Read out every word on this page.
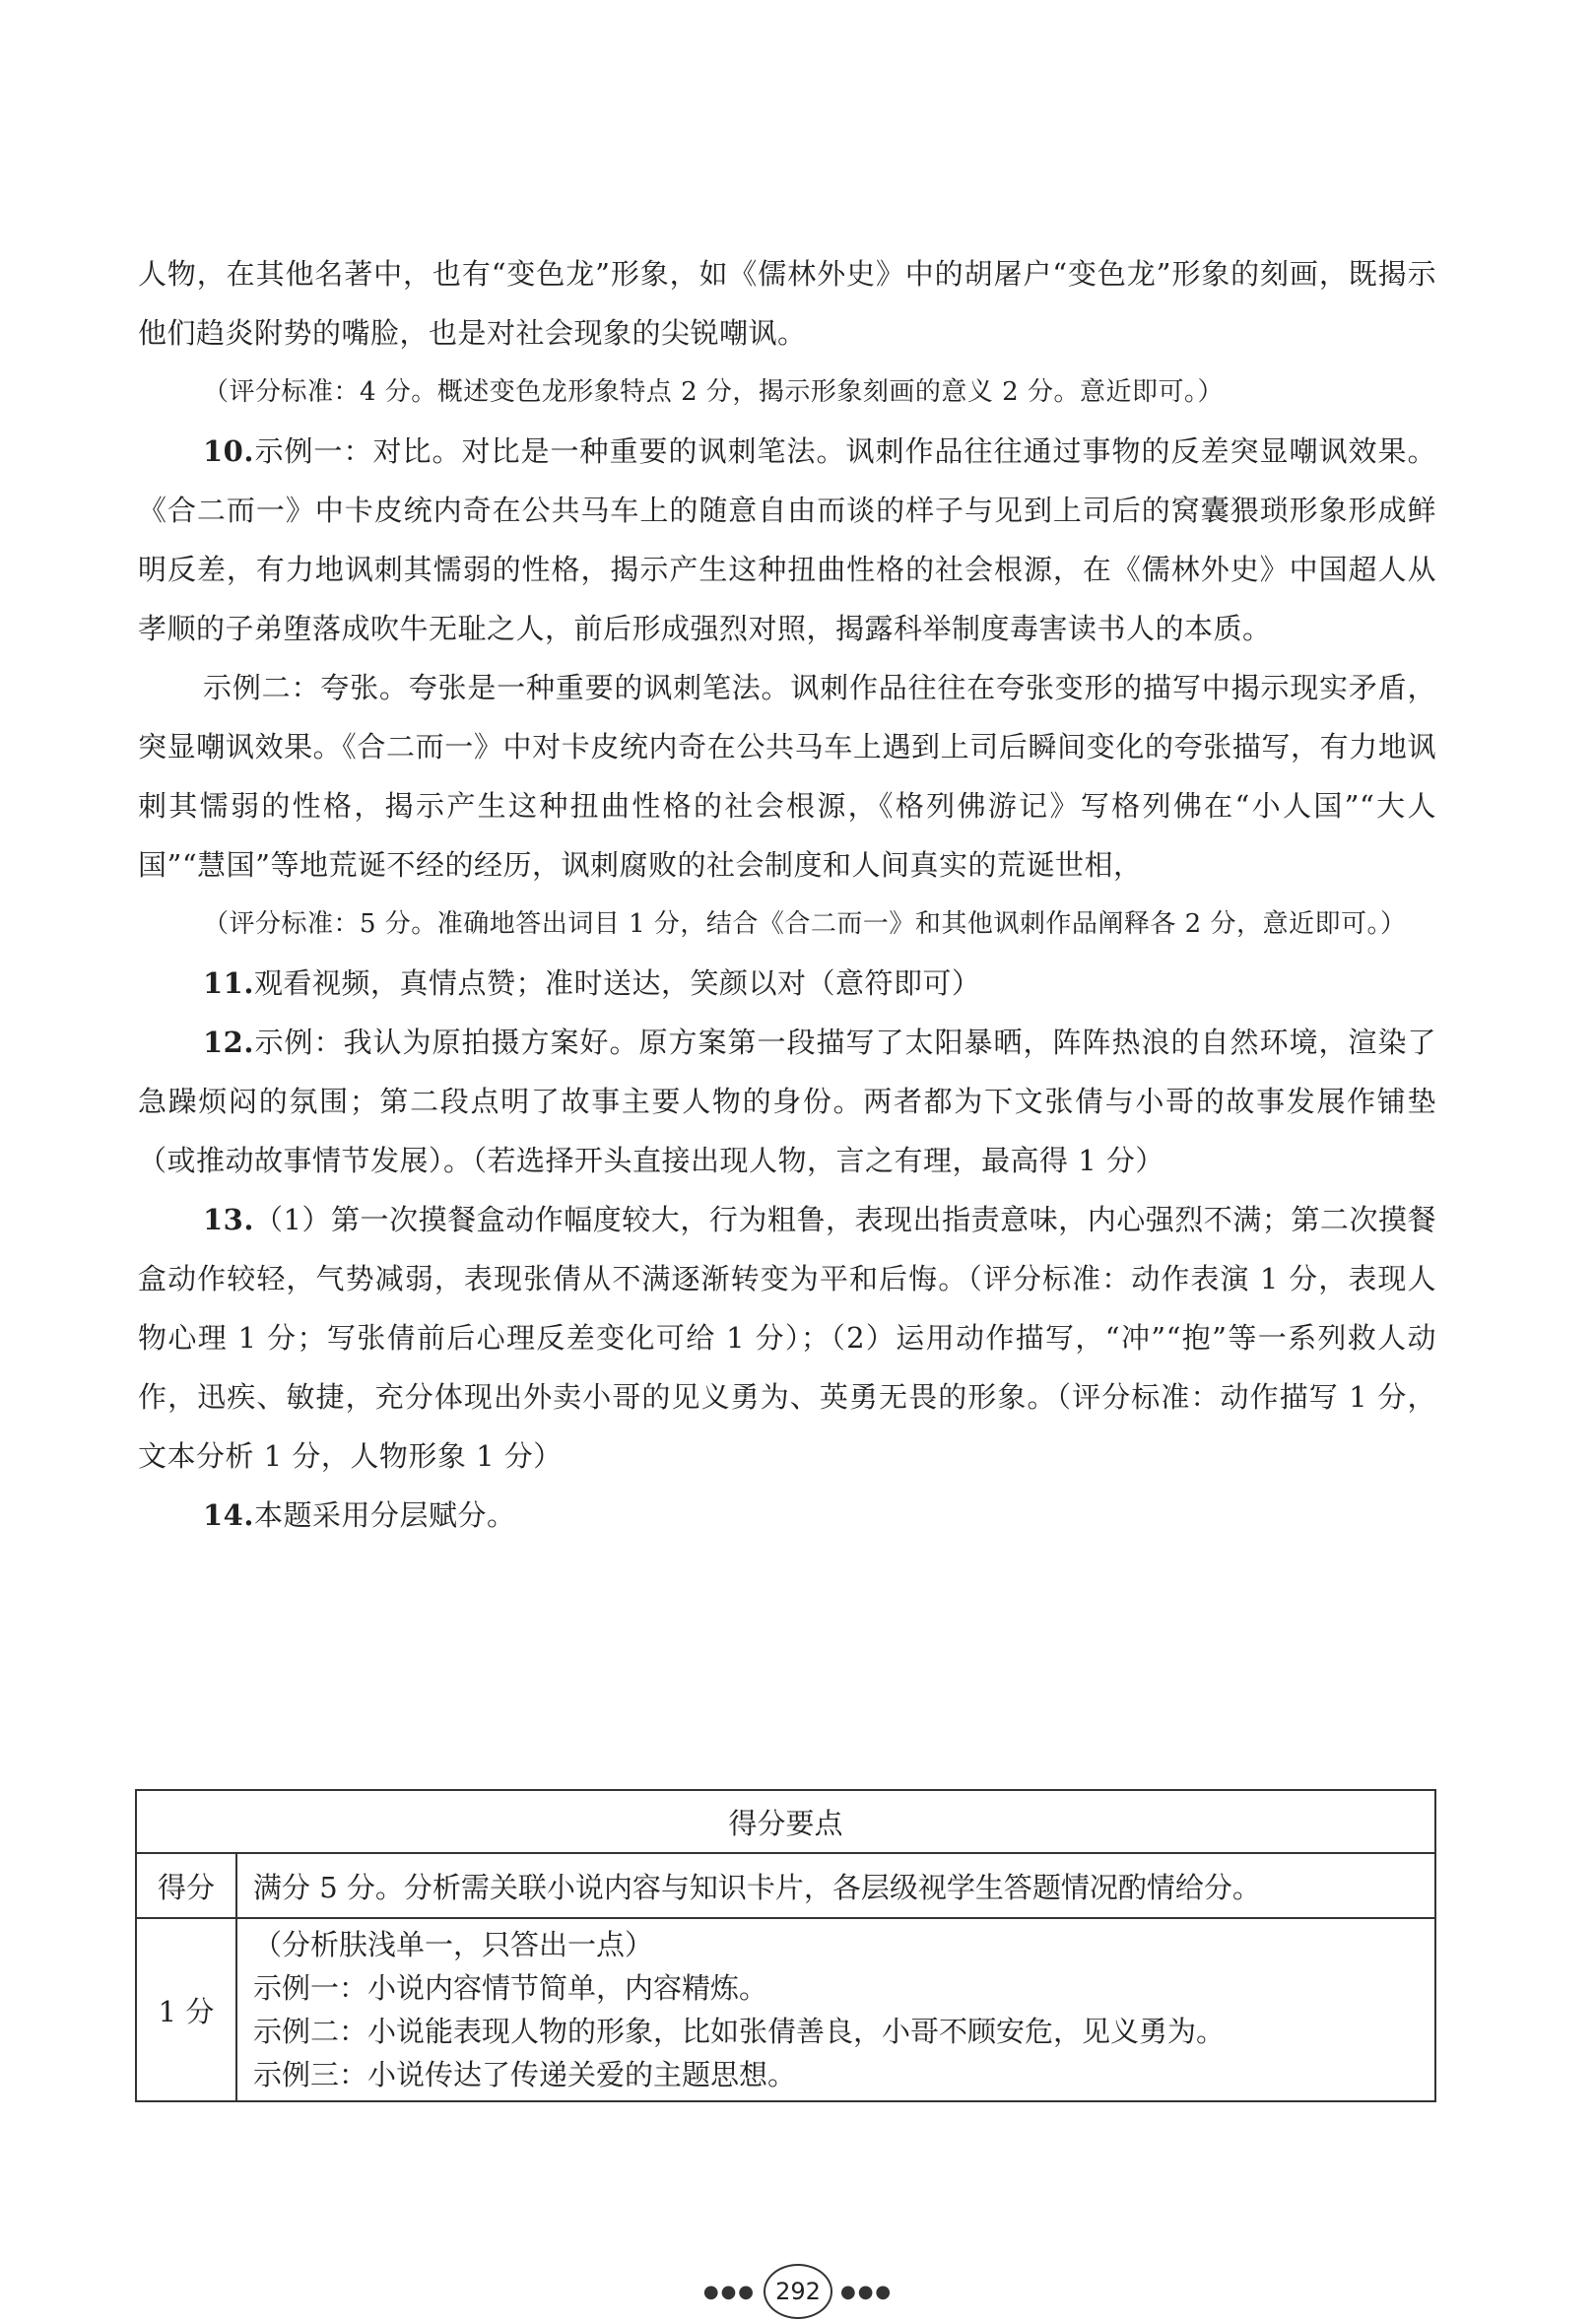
人物，在其他名著中，也有“变色龙”形象，如《儒林外史》中的胡屠户“变色龙”形象的刻画，既揭示他们趋炎附势的嘴脸，也是对社会现象的尖锐嘲讽。

（评分标准：4 分。概述变色龙形象特点 2 分，揭示形象刻画的意义 2 分。意近即可。）

10.示例一：对比。对比是一种重要的讽刺笔法。讽刺作品往往通过事物的反差突显嘲讽效果。《合二而一》中卡皮统内奇在公共马车上的随意自由而谈的样子与见到上司后的窝囊猥琐形象形成鲜明反差，有力地讽刺其懦弱的性格，揭示产生这种扭曲性格的社会根源，在《儒林外史》中国超人从孝顺的子弟堕落成吹牛无耻之人，前后形成强烈对照，揭露科举制度毒害读书人的本质。

示例二：夸张。夸张是一种重要的讽刺笔法。讽刺作品往往在夸张变形的描写中揭示现实矛盾，突显嘲讽效果。《合二而一》中对卡皮统内奇在公共马车上遇到上司后瞬间变化的夸张描写，有力地讽刺其懦弱的性格，揭示产生这种扭曲性格的社会根源，《格列佛游记》写格列佛在“小人国”“大人国”“慧国”等地荒诞不经的经历，讽刺腐败的社会制度和人间真实的荒诞世相，

（评分标准：5 分。准确地答出词目 1 分，结合《合二而一》和其他讽刺作品阐释各 2 分，意近即可。）

11.观看视频，真情点赞；准时送达，笑颜以对（意符即可）

12.示例：我认为原拍摄方案好。原方案第一段描写了太阳暴晒，阵阵热浪的自然环境，渲染了急躁烦闷的氛围；第二段点明了故事主要人物的身份。两者都为下文张倩与小哥的故事发展作铺垫（或推动故事情节发展）。（若选择开头直接出现人物，言之有理，最高得 1 分）

13.（1）第一次摸餐盒动作幅度较大，行为粗鲁，表现出指责意味，内心强烈不满；第二次摸餐盒动作较轻，气势减弱，表现张倩从不满逐渐转变为平和后悔。（评分标准：动作表演 1 分，表现人物心理 1 分；写张倩前后心理反差变化可给 1 分）；（2）运用动作描写，“冲”“抱”等一系列救人动作，迅疾、敏捷，充分体现出外卖小哥的见义勇为、英勇无畏的形象。（评分标准：动作描写 1 分，文本分析 1 分，人物形象 1 分）

14.本题采用分层赋分。

得分要点	
得分	满分 5 分。分析需关联小说内容与知识卡片，各层级视学生答题情况酌情给分。
1 分	（分析肤浅单一，只答出一点）
示例一：小说内容情节简单，内容精炼。
示例二：小说能表现人物的形象，比如张倩善良，小哥不顾安危，见义勇为。
示例三：小说传达了传递关爱的主题思想。
●●● 292	●●●
